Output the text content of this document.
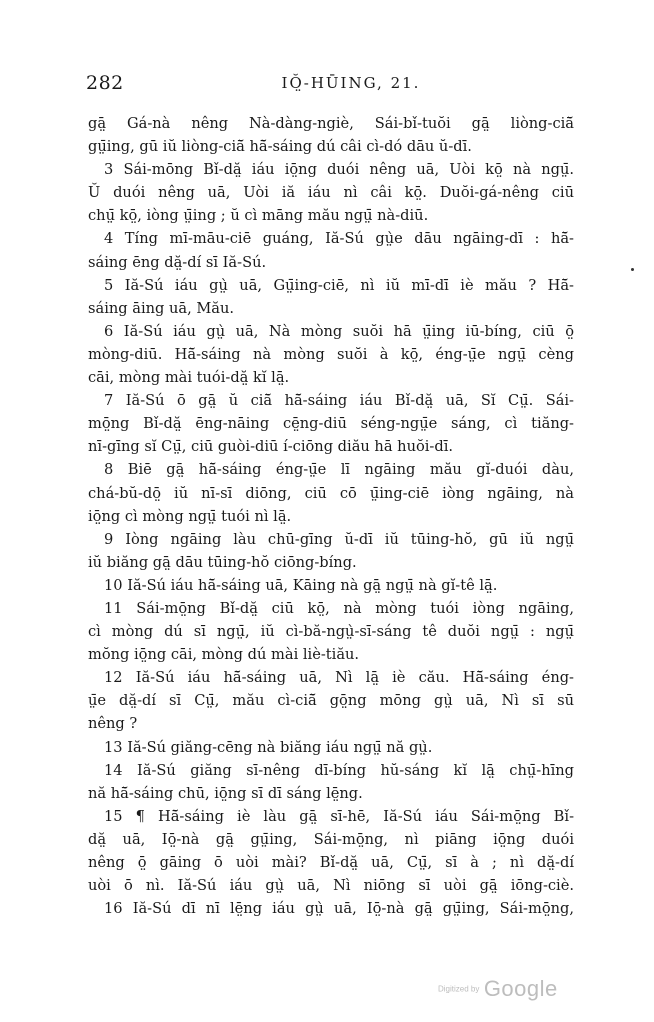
282	IŎ̤-HŪING, 21.
gā̤ Gá-nà nêng Nà-dàng-ngiè, Sái-bǐ-tuŏi gā̤ liòng-ciā̆
gṳ̄ing, gū iŭ liòng-ciā̆ hā̆-sáing dú câi cì-dó dāu ŭ-dī.
3 Sái-mōng Bǐ-dă̤ iáu iō̤ng duói nêng uā, Uòi kō̤ nà ngṳ̄.
Ŭ duói nêng uā, Uòi iă iáu nì câi kō̤. Duŏi-gá-nêng ciū
chṳ̄ kō̤, iòng ṳ̄ing ; ŭ cì māng mău ngṳ̄ nà-diū.
4 Tíng mī-māu-ciē guáng, Iă-Sú gṳ̀e dāu ngāing-dī : hā̆-
sáing ēng dă̤-dí sī Iă-Sú.
5 Iă-Sú iáu gṳ̀ uā, Gṳ̄ing-ciē, nì iŭ mī-dī iè mău ? Hā̆-
sáing āing uā, Mău.
6 Iă-Sú iáu gṳ̀ uā, Nà mòng suŏi hā ṳ̄ing iū-bíng, ciū ō̤
mòng-diū. Hā̆-sáing nà mòng suŏi à kō̤, éng-ṳ̄e ngṳ̄ cèng
cāi, mòng mài tuói-dă̤ kĭ lā̤.
7 Iă-Sú ō gā̤ ŭ ciā̆ hā̆-sáing iáu Bǐ-dă̤ uā, Sĭ Cṳ̄. Sái-
mō̤ng Bǐ-dă̤ ēng-nāing cē̤ng-diū séng-ngṳ̄e sáng, cì tiăng-
nī-gīng sĭ Cṳ̄, ciū guòi-diū í-ciōng diău hā huŏi-dī.
8 Biē gā̤ hā̆-sáing éng-ṳ̄e lī ngāing mău gĭ-duói dàu,
chá-bŭ-dō̤ iŭ nī-sī diōng, ciū cō ṳ̄ing-ciē iòng ngāing, nà
iō̤ng cì mòng ngṳ̄ tuói nì lā̤.
9 Iòng ngāing làu chū-gīng ŭ-dī iŭ tūing-hŏ, gū iŭ ngṳ̄
iŭ biăng gā̤ dāu tūing-hŏ ciōng-bíng.
10 Iă-Sú iáu hā̆-sáing uā, Kāing nà gā̤ ngṳ̄ nà gĭ-tê lā̤.
11 Sái-mō̤ng Bǐ-dă̤ ciū kō̤, nà mòng tuói iòng ngāing,
cì mòng dú sī ngṳ̄, iŭ cì-bă-ngṳ̀-sī-sáng tê duŏi ngṳ̄ : ngṳ̄
mŏng iō̤ng cāi, mòng dú mài liè-tiău.
12 Iă-Sú iáu hā̆-sáing uā, Nì lā̤ iè cău. Hā̆-sáing éng-
ṳ̄e dă̤-dí sī Cṳ̄, mău cì-ciā̆ gō̤ng mōng gṳ̀ uā, Nì sī sū
nêng ?
13 Iă-Sú giăng-cēng nà biăng iáu ngṳ̄ nă gṳ̀.
14 Iă-Sú giăng sī-nêng dī-bíng hŭ-sáng kĭ lā̤ chṳ̄-hīng
nă hā̆-sáing chū, iō̤ng sī dī sáng lē̤ng.
15 ¶ Hā̆-sáing iè làu gā̤ sī-hē, Iă-Sú iáu Sái-mō̤ng Bǐ-
dă̤ uā, Iō̤-nà gā̤ gṳ̄ing, Sái-mō̤ng, nì piāng iō̤ng duói
nêng ō̤ gāing ō uòi mài? Bǐ-dă̤ uā, Cṳ̄, sī à ; nì dă̤-dí
uòi ō nì. Iă-Sú iáu gṳ̀ uā, Nì niōng sī uòi gā̤ iōng-ciè.
16 Iă-Sú dī nī lē̤ng iáu gṳ̀ uā, Iō̤-nà gā̤ gṳ̄ing, Sái-mō̤ng,
Digitized by Google
